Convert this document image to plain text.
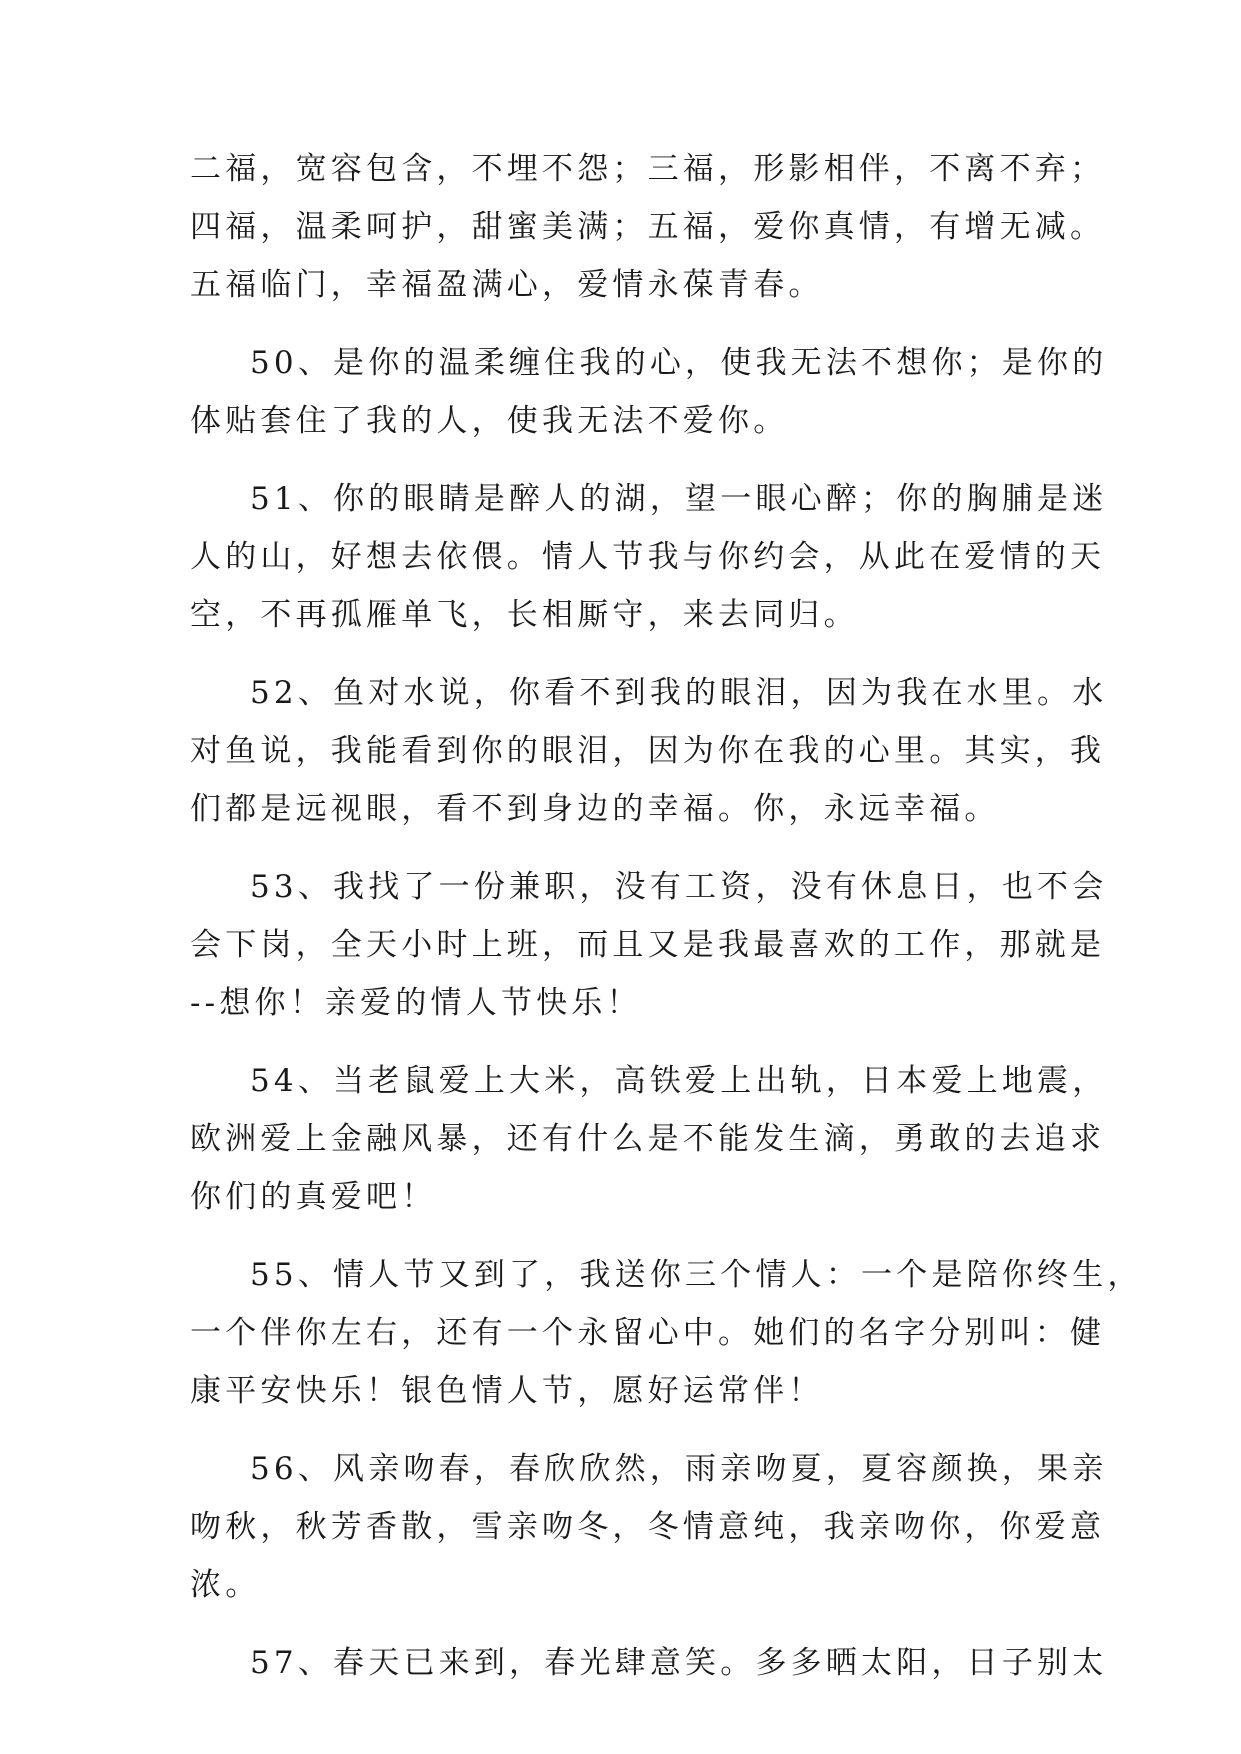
二福，宽容包含，不埋不怨；三福，形影相伴，不离不弃；
四福，温柔呵护，甜蜜美满；五福，爱你真情，有增无减。
五福临门，幸福盈满心，爱情永葆青春。
50、是你的温柔缠住我的心，使我无法不想你；是你的
体贴套住了我的人，使我无法不爱你。
51、你的眼睛是醉人的湖，望一眼心醉；你的胸脯是迷
人的山，好想去依偎。情人节我与你约会，从此在爱情的天
空，不再孤雁单飞，长相厮守，来去同归。
52、鱼对水说，你看不到我的眼泪，因为我在水里。水
对鱼说，我能看到你的眼泪，因为你在我的心里。其实，我
们都是远视眼，看不到身边的幸福。你，永远幸福。
53、我找了一份兼职，没有工资，没有休息日，也不会
会下岗，全天小时上班，而且又是我最喜欢的工作，那就是
--想你！亲爱的情人节快乐！
54、当老鼠爱上大米，高铁爱上出轨，日本爱上地震，
欧洲爱上金融风暴，还有什么是不能发生滴，勇敢的去追求
你们的真爱吧！
55、情人节又到了，我送你三个情人：一个是陪你终生，
一个伴你左右，还有一个永留心中。她们的名字分别叫：健
康平安快乐！银色情人节，愿好运常伴！
56、风亲吻春，春欣欣然，雨亲吻夏，夏容颜换，果亲
吻秋，秋芳香散，雪亲吻冬，冬情意纯，我亲吻你，你爱意
浓。
57、春天已来到，春光肆意笑。多多晒太阳，日子别太
